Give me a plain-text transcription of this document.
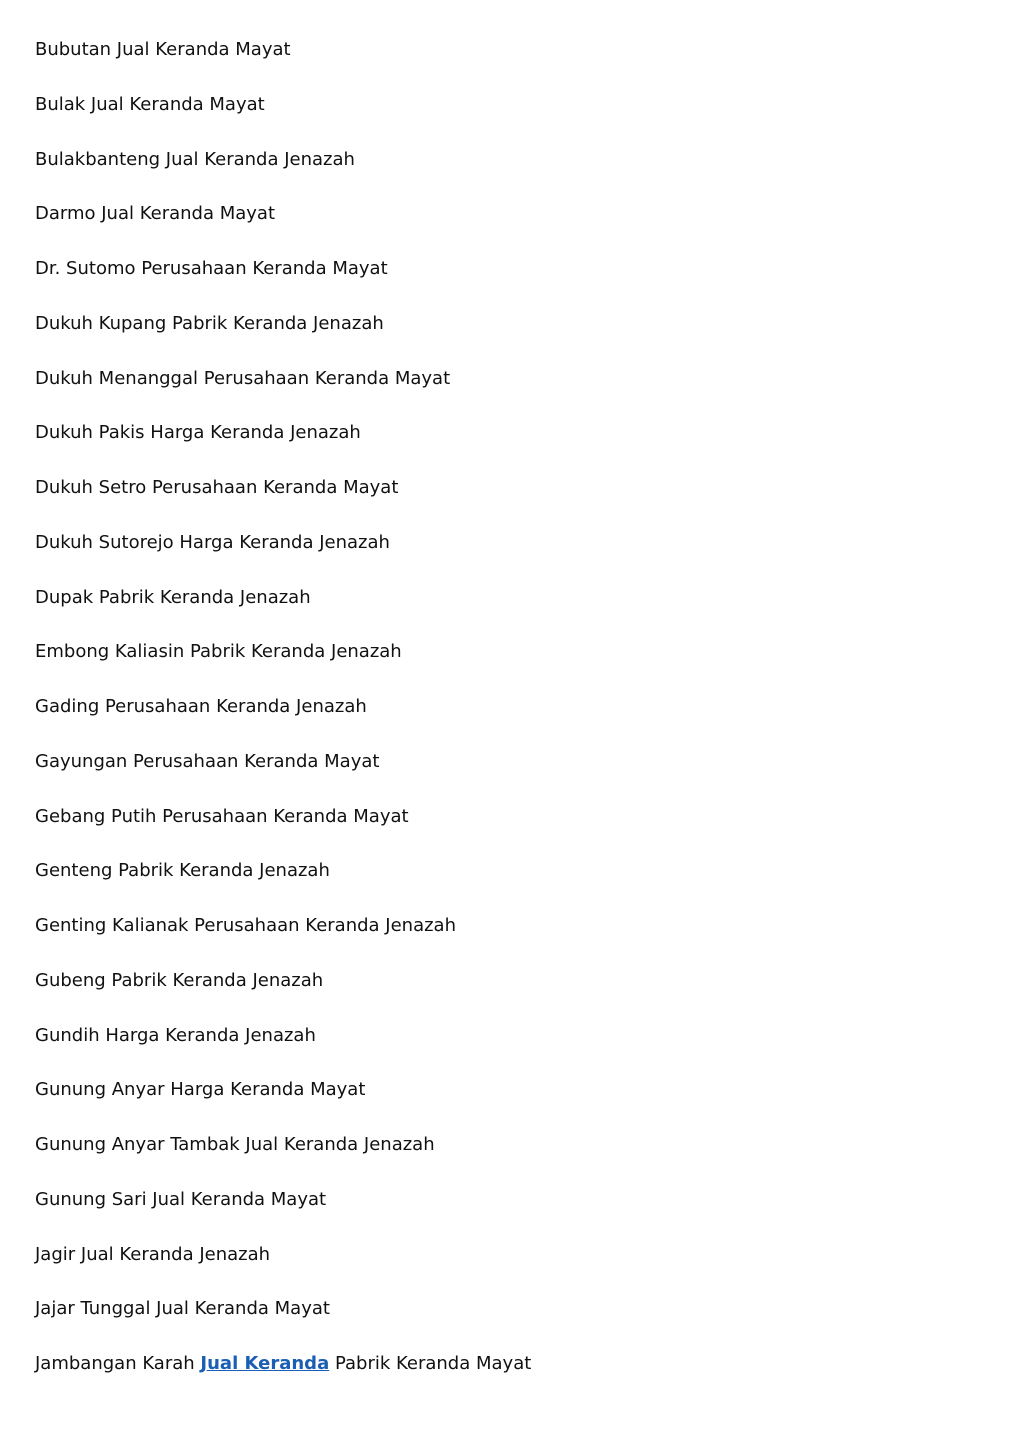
Bubutan Jual Keranda Mayat
Bulak Jual Keranda Mayat
Bulakbanteng Jual Keranda Jenazah
Darmo Jual Keranda Mayat
Dr. Sutomo Perusahaan Keranda Mayat
Dukuh Kupang Pabrik Keranda Jenazah
Dukuh Menanggal Perusahaan Keranda Mayat
Dukuh Pakis Harga Keranda Jenazah
Dukuh Setro Perusahaan Keranda Mayat
Dukuh Sutorejo Harga Keranda Jenazah
Dupak Pabrik Keranda Jenazah
Embong Kaliasin Pabrik Keranda Jenazah
Gading Perusahaan Keranda Jenazah
Gayungan Perusahaan Keranda Mayat
Gebang Putih Perusahaan Keranda Mayat
Genteng Pabrik Keranda Jenazah
Genting Kalianak Perusahaan Keranda Jenazah
Gubeng Pabrik Keranda Jenazah
Gundih Harga Keranda Jenazah
Gunung Anyar Harga Keranda Mayat
Gunung Anyar Tambak Jual Keranda Jenazah
Gunung Sari Jual Keranda Mayat
Jagir Jual Keranda Jenazah
Jajar Tunggal Jual Keranda Mayat
Jambangan Karah Jual Keranda Pabrik Keranda Mayat
